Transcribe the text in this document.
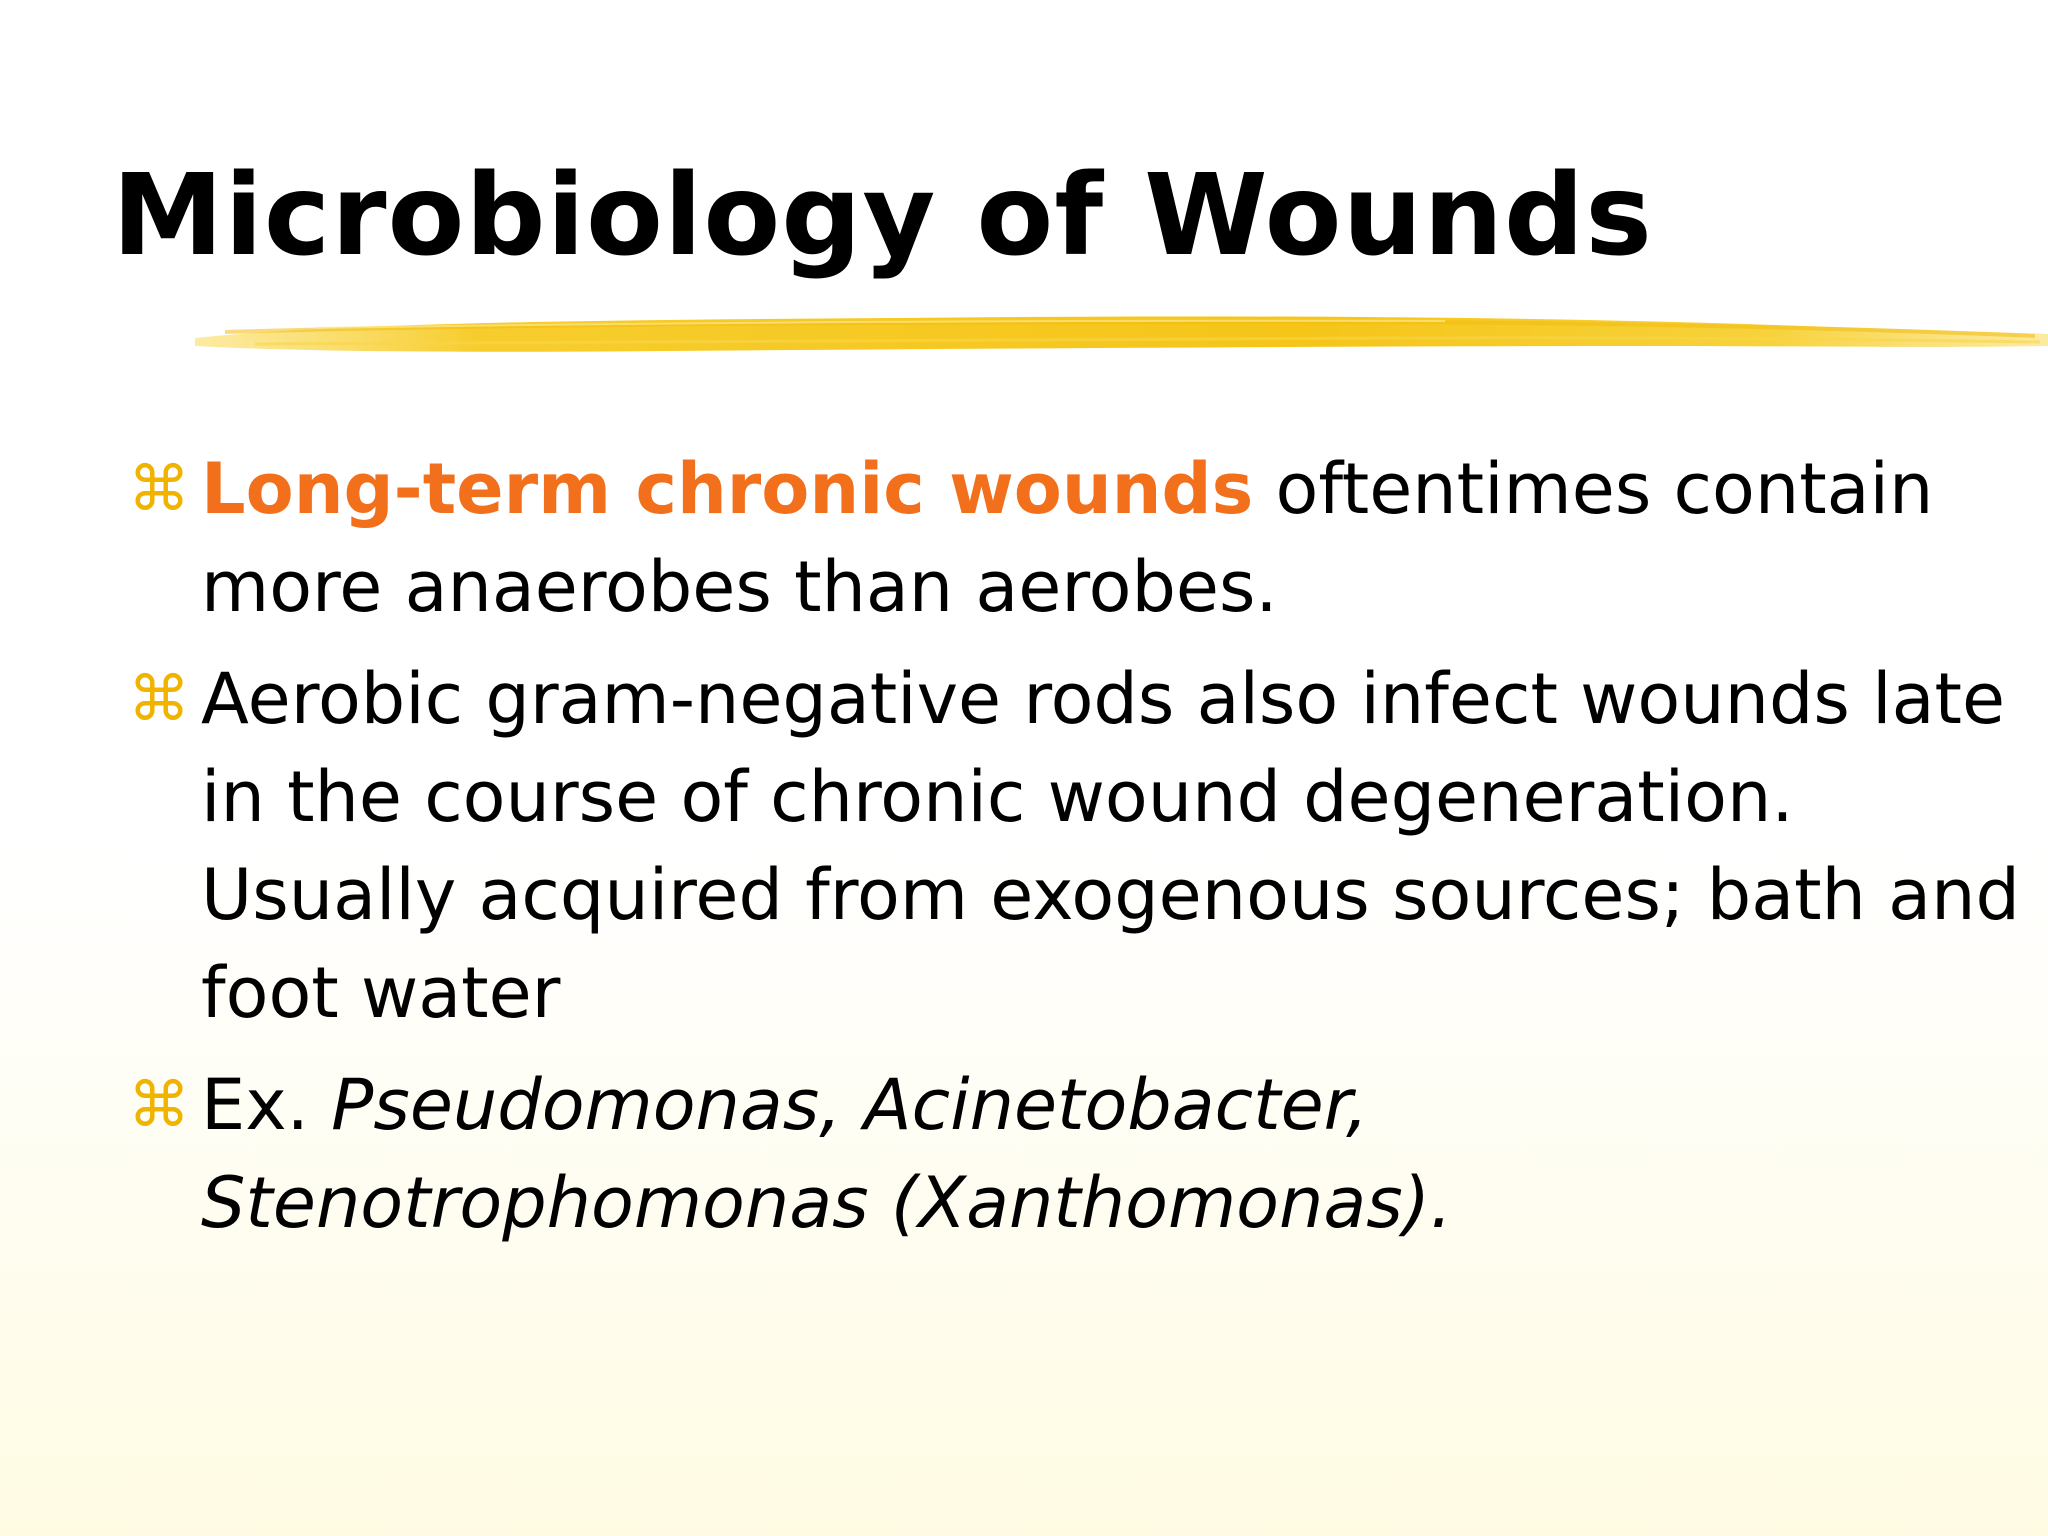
Microbiology of Wounds
⌘ Long-term chronic wounds oftentimes contain more anaerobes than aerobes.
⌘ Aerobic gram-negative rods also infect wounds late in the course of chronic wound degeneration. Usually acquired from exogenous sources; bath and foot water
⌘ Ex. Pseudomonas, Acinetobacter, Stenotrophomonas (Xanthomonas).
